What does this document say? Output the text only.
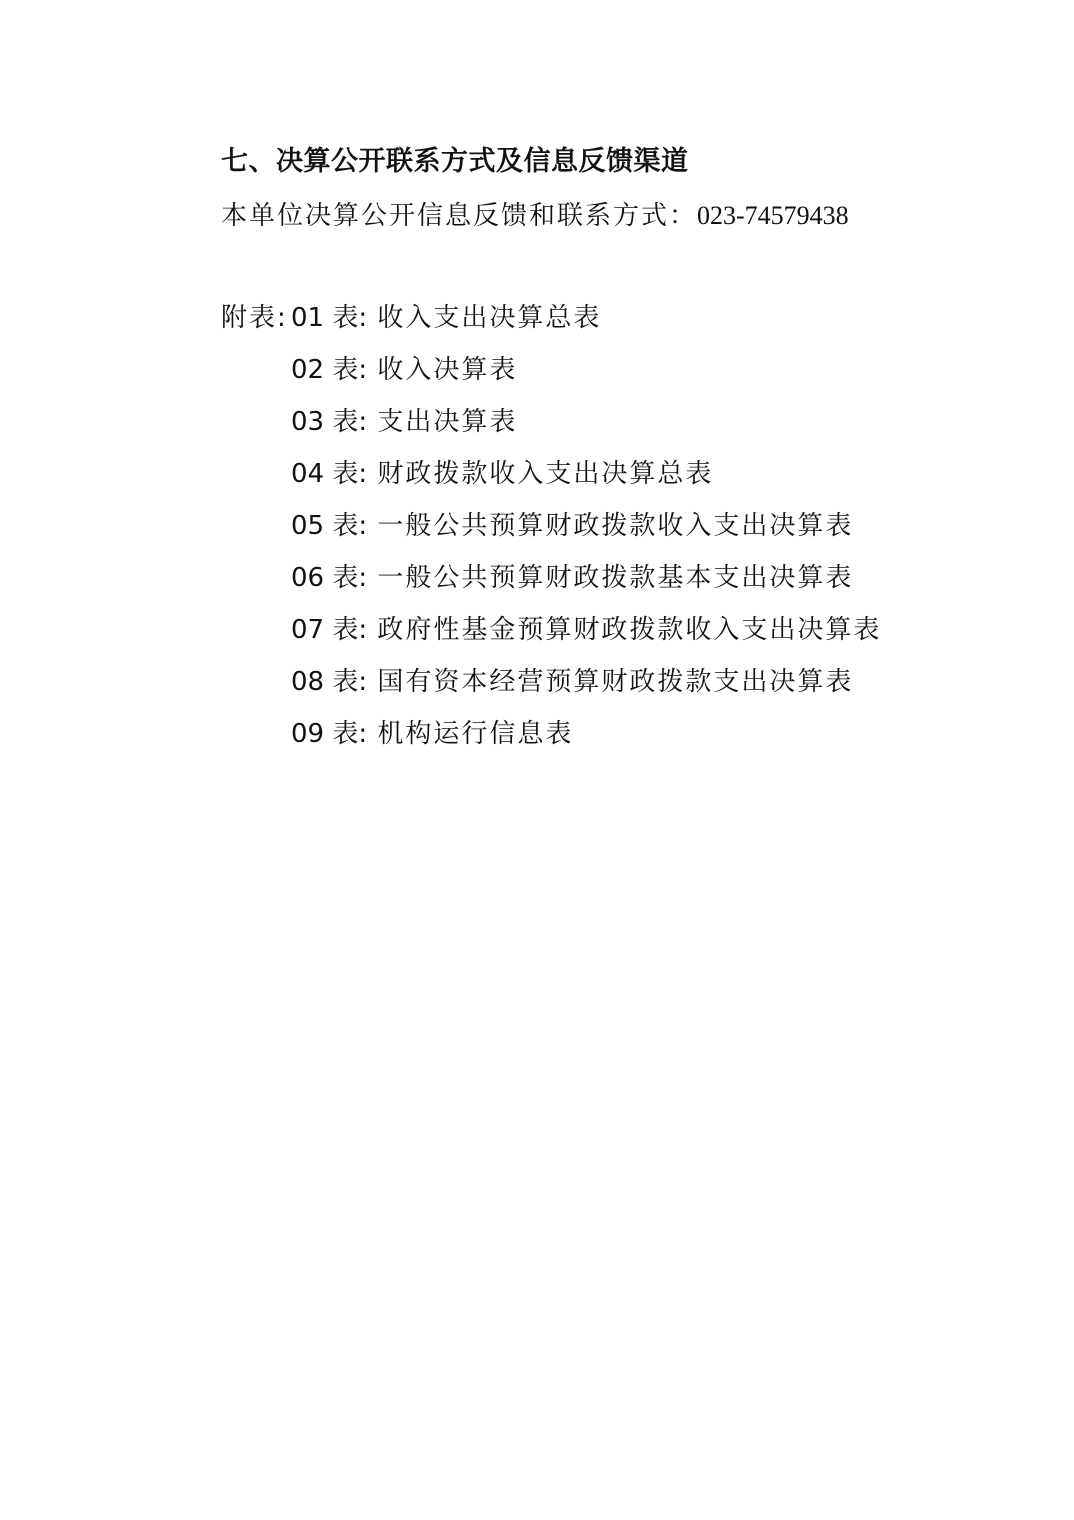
七、决算公开联系方式及信息反馈渠道
本单位决算公开信息反馈和联系方式：023-74579438
附表: 01 表: 收入支出决算总表
02 表: 收入决算表
03 表: 支出决算表
04 表: 财政拨款收入支出决算总表
05 表: 一般公共预算财政拨款收入支出决算表
06 表: 一般公共预算财政拨款基本支出决算表
07 表: 政府性基金预算财政拨款收入支出决算表
08 表: 国有资本经营预算财政拨款支出决算表
09 表: 机构运行信息表
